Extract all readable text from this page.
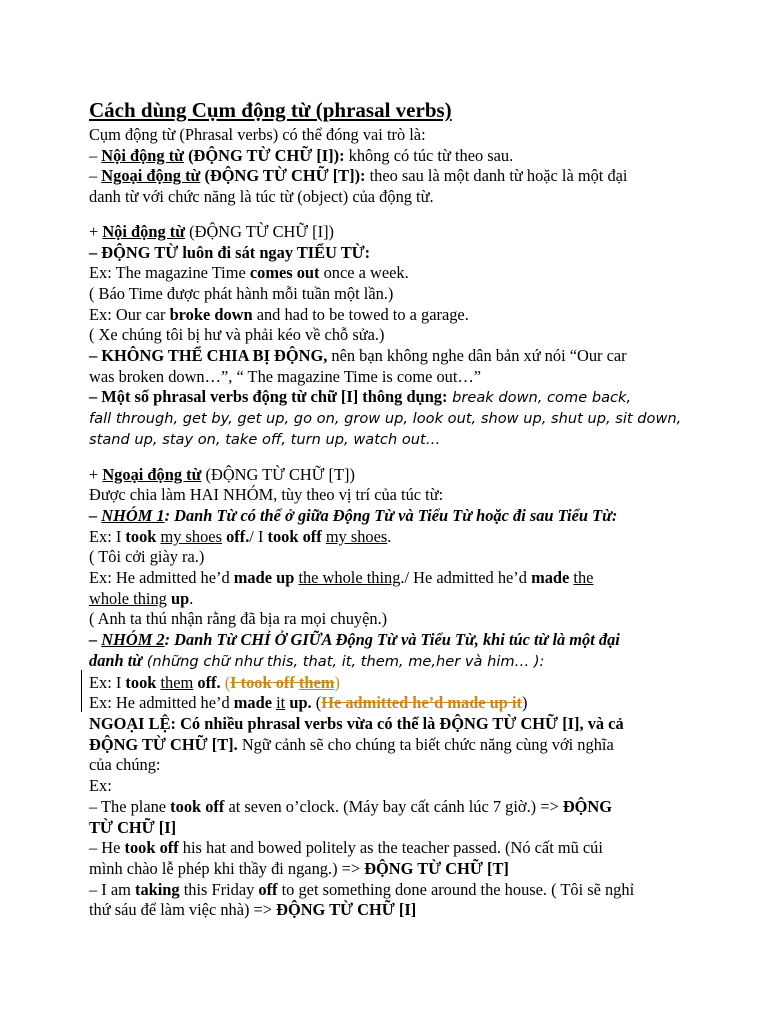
Cách dùng Cụm động từ (phrasal verbs)
Cụm động từ (Phrasal verbs) có thể đóng vai trò là:
– Nội động từ (ĐỘNG TỪ CHỮ [I]): không có túc từ theo sau.
– Ngoại động từ (ĐỘNG TỪ CHỮ [T]): theo sau là một danh từ hoặc là một đại
danh từ với chức năng là túc từ (object) của động từ.
+ Nội động từ (ĐỘNG TỪ CHỮ [I])
– ĐỘNG TỪ luôn đi sát ngay TIỂU TỪ:
Ex: The magazine Time comes out once a week.
( Báo Time được phát hành mỗi tuần một lần.)
Ex: Our car broke down and had to be towed to a garage.
( Xe chúng tôi bị hư và phải kéo về chỗ sửa.)
– KHÔNG THỂ CHIA BỊ ĐỘNG, nên bạn không nghe dân bản xứ nói “Our car
was broken down…”, “ The magazine Time is come out…”
– Một số phrasal verbs động từ chữ [I] thông dụng: break down, come back,
fall through, get by, get up, go on, grow up, look out, show up, shut up, sit down,
stand up, stay on, take off, turn up, watch out…
+ Ngoại động từ (ĐỘNG TỪ CHỮ [T])
Được chia làm HAI NHÓM, tùy theo vị trí của túc từ:
– NHÓM 1: Danh Từ có thể ở giữa Động Từ và Tiểu Từ hoặc đi sau Tiểu Từ:
Ex: I took my shoes off./ I took off my shoes.
( Tôi cởi giày ra.)
Ex: He admitted he’d made up the whole thing./ He admitted he’d made the
whole thing up.
( Anh ta thú nhận rằng đã bịa ra mọi chuyện.)
– NHÓM 2: Danh Từ CHỈ Ở GIỮA Động Từ và Tiểu Từ, khi túc từ là một đại
danh từ (những chữ như this, that, it, them, me,her và him… ):
Ex: I took them off. (I took off them)
Ex: He admitted he’d made it up. (He admitted he’d made up it)
NGOẠI LỆ: Có nhiều phrasal verbs vừa có thể là ĐỘNG TỪ CHỮ [I], và cả
ĐỘNG TỪ CHỮ [T]. Ngữ cảnh sẽ cho chúng ta biết chức năng cùng với nghĩa
của chúng:
Ex:
– The plane took off at seven o’clock. (Máy bay cất cánh lúc 7 giờ.) => ĐỘNG
TỪ CHỮ [I]
– He took off his hat and bowed politely as the teacher passed. (Nó cất mũ cúi
mình chào lễ phép khi thầy đi ngang.) => ĐỘNG TỪ CHỮ [T]
– I am taking this Friday off to get something done around the house. ( Tôi sẽ nghỉ
thứ sáu để làm việc nhà) => ĐỘNG TỪ CHỮ [I]
